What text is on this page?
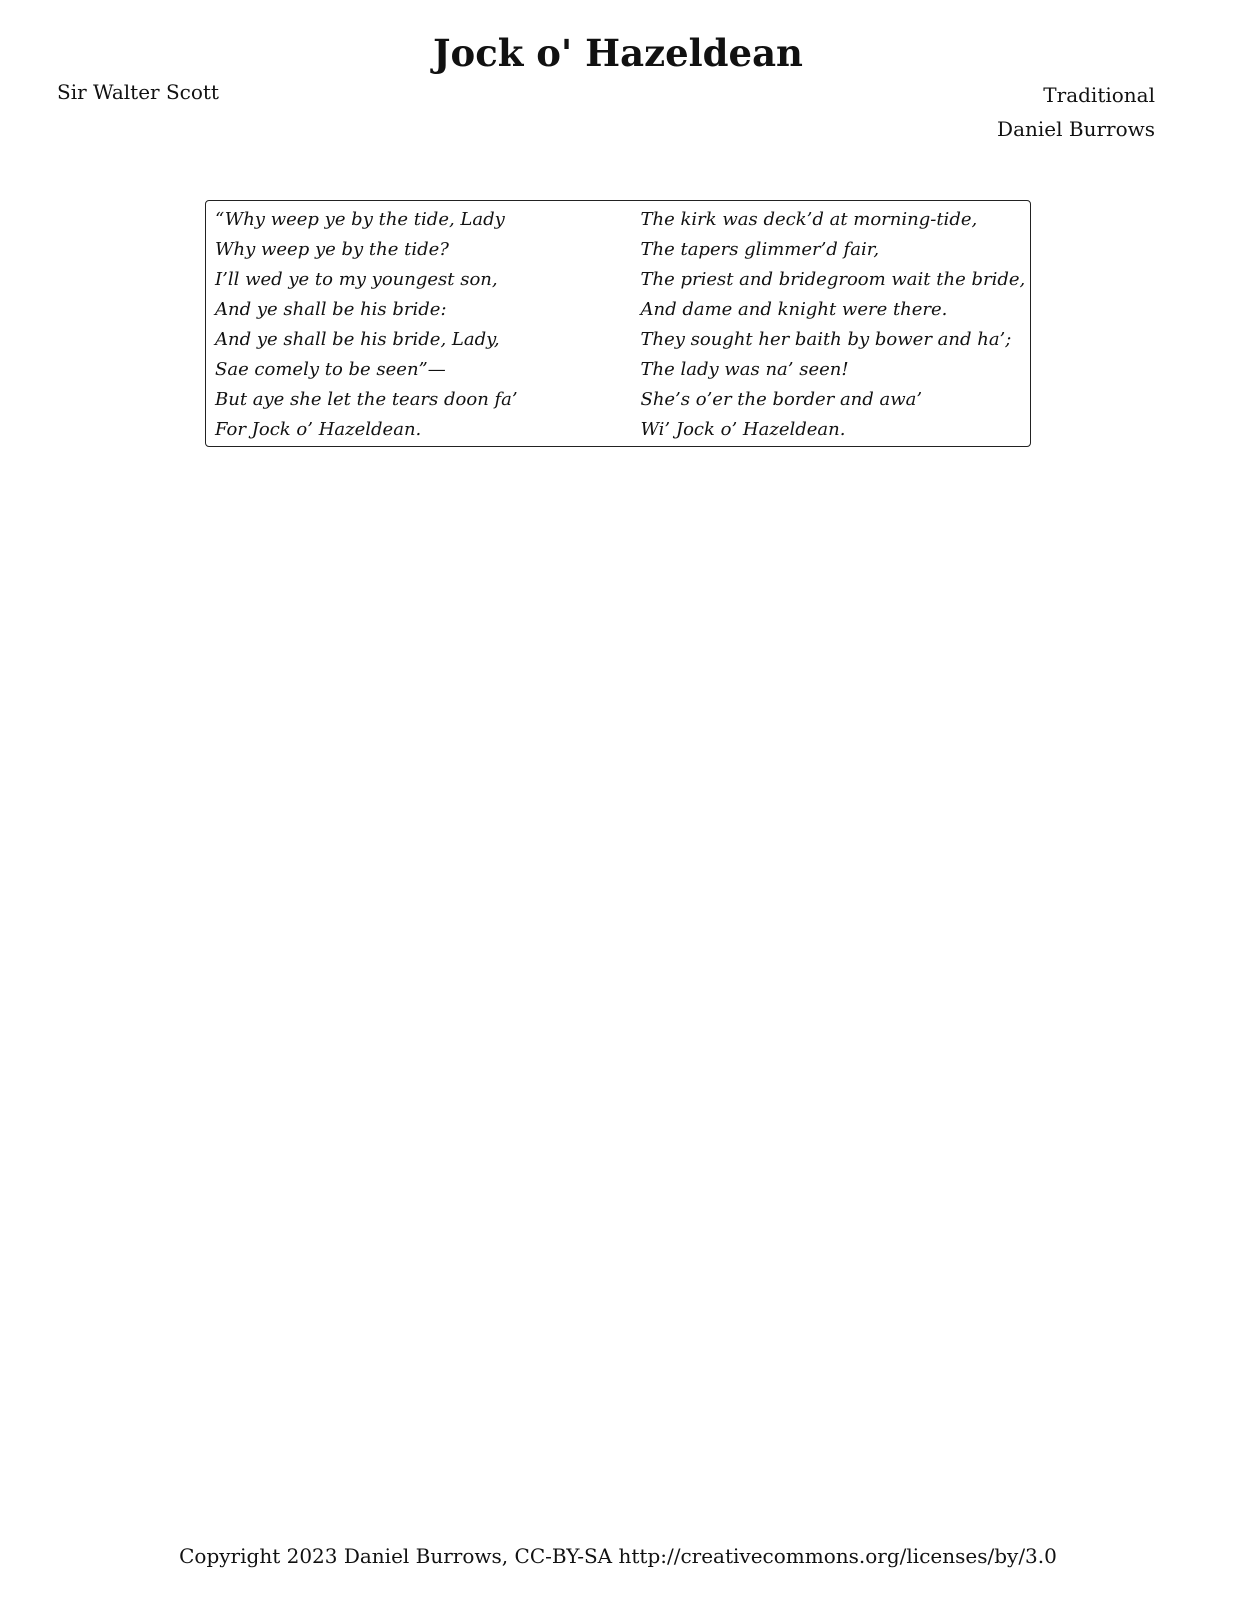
Jock o' Hazeldean
Sir Walter Scott	Traditional
Daniel Burrows
“Why weep ye by the tide, Lady
Why weep ye by the tide?
I’ll wed ye to my youngest son,
And ye shall be his bride:
And ye shall be his bride, Lady,
Sae comely to be seen”—
But aye she let the tears doon fa’
For Jock o’ Hazeldean.
The kirk was deck’d at morning-tide,
The tapers glimmer’d fair,
The priest and bridegroom wait the bride,
And dame and knight were there.
They sought her baith by bower and ha’;
The lady was na’ seen!
She’s o’er the border and awa’
Wi’ Jock o’ Hazeldean.
Copyright 2023 Daniel Burrows, CC-BY-SA http://creativecommons.org/licenses/by/3.0
